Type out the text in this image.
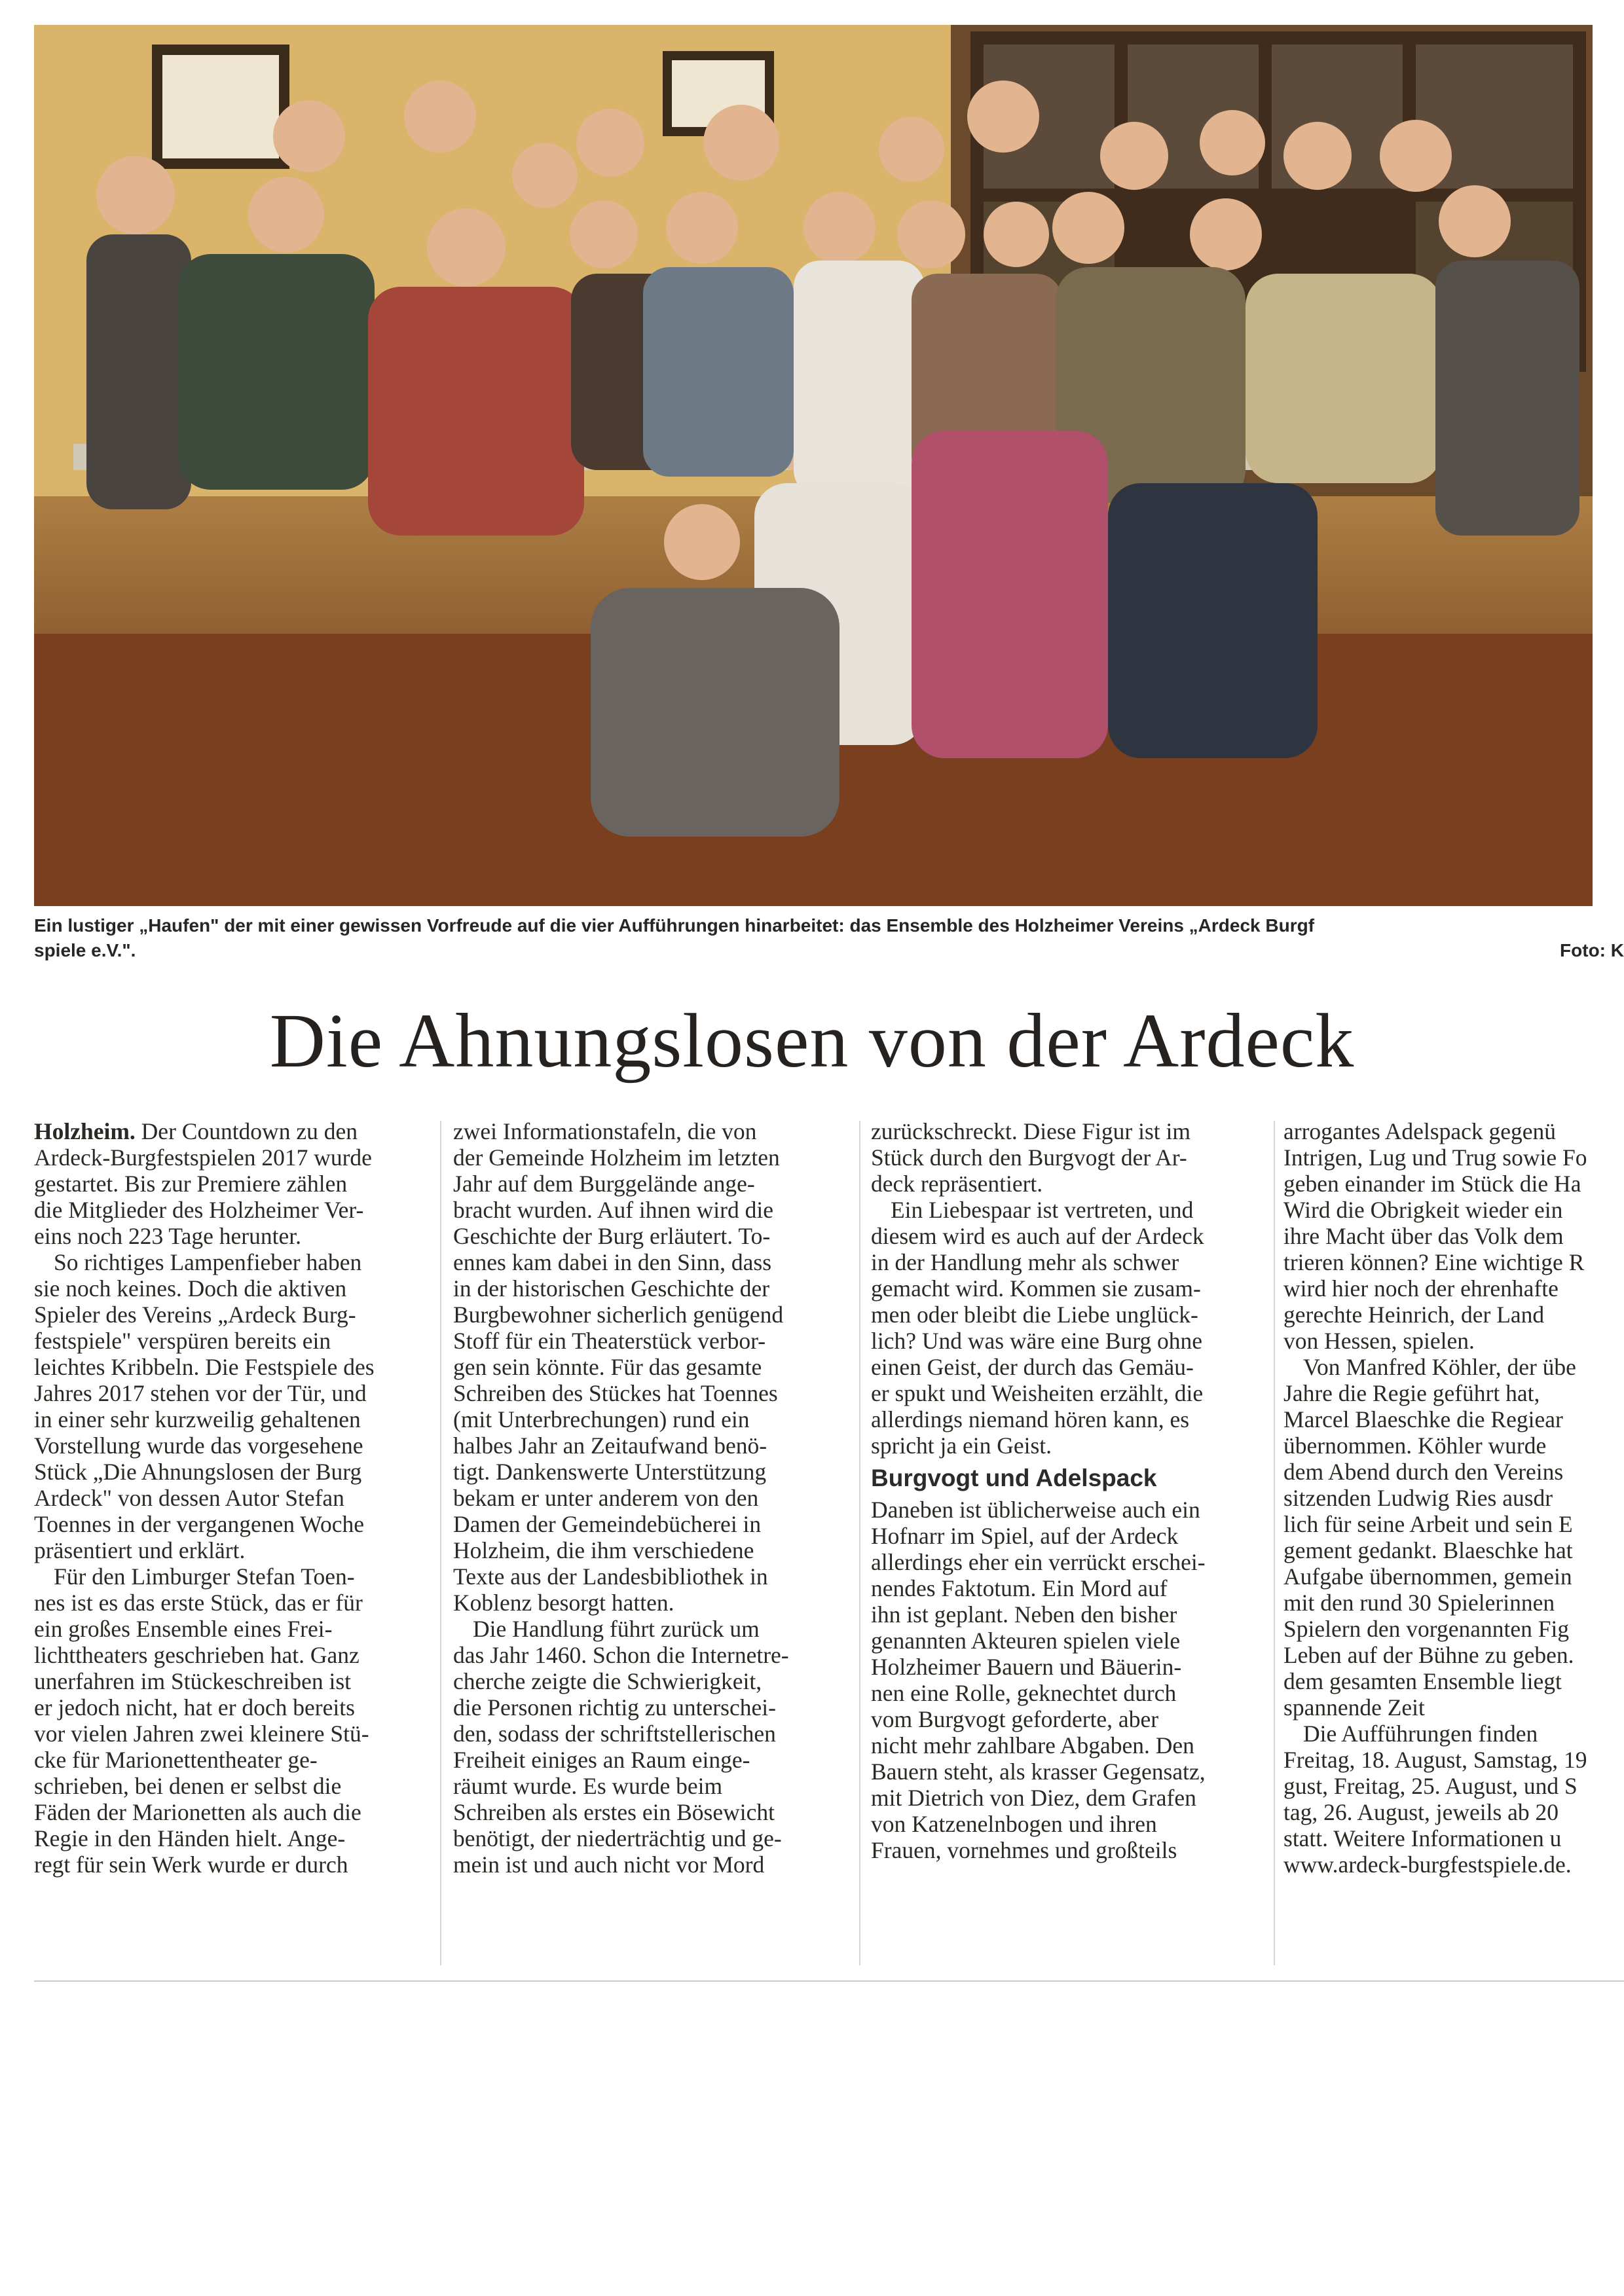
Ein lustiger „Haufen" der mit einer gewissen Vorfreude auf die vier Aufführungen hinarbeitet: das Ensemble des Holzheimer Vereins „Ardeck Burgf
spiele e.V.".	Foto: K
Die Ahnungslosen von der Ardeck

Holzheim. Der Countdown zu den

Ardeck-Burgfestspielen 2017 wurde

gestartet. Bis zur Premiere zählen

die Mitglieder des Holzheimer Ver-

eins noch 223 Tage herunter.

So richtiges Lampenfieber haben

sie noch keines. Doch die aktiven

Spieler des Vereins „Ardeck Burg-

festspiele" verspüren bereits ein

leichtes Kribbeln. Die Festspiele des

Jahres 2017 stehen vor der Tür, und

in einer sehr kurzweilig gehaltenen

Vorstellung wurde das vorgesehene

Stück „Die Ahnungslosen der Burg

Ardeck" von dessen Autor Stefan

Toennes in der vergangenen Woche

präsentiert und erklärt.

Für den Limburger Stefan Toen-

nes ist es das erste Stück, das er für

ein großes Ensemble eines Frei-

lichttheaters geschrieben hat. Ganz

unerfahren im Stückeschreiben ist

er jedoch nicht, hat er doch bereits

vor vielen Jahren zwei kleinere Stü-

cke für Marionettentheater ge-

schrieben, bei denen er selbst die

Fäden der Marionetten als auch die

Regie in den Händen hielt. Ange-

regt für sein Werk wurde er durch

zwei Informationstafeln, die von

der Gemeinde Holzheim im letzten

Jahr auf dem Burggelände ange-

bracht wurden. Auf ihnen wird die

Geschichte der Burg erläutert. To-

ennes kam dabei in den Sinn, dass

in der historischen Geschichte der

Burgbewohner sicherlich genügend

Stoff für ein Theaterstück verbor-

gen sein könnte. Für das gesamte

Schreiben des Stückes hat Toennes

(mit Unterbrechungen) rund ein

halbes Jahr an Zeitaufwand benö-

tigt. Dankenswerte Unterstützung

bekam er unter anderem von den

Damen der Gemeindebücherei in

Holzheim, die ihm verschiedene

Texte aus der Landesbibliothek in

Koblenz besorgt hatten.

Die Handlung führt zurück um

das Jahr 1460. Schon die Internetre-

cherche zeigte die Schwierigkeit,

die Personen richtig zu unterschei-

den, sodass der schriftstellerischen

Freiheit einiges an Raum einge-

räumt wurde. Es wurde beim

Schreiben als erstes ein Bösewicht

benötigt, der niederträchtig und ge-

mein ist und auch nicht vor Mord

zurückschreckt. Diese Figur ist im

Stück durch den Burgvogt der Ar-

deck repräsentiert.

Ein Liebespaar ist vertreten, und

diesem wird es auch auf der Ardeck

in der Handlung mehr als schwer

gemacht wird. Kommen sie zusam-

men oder bleibt die Liebe unglück-

lich? Und was wäre eine Burg ohne

einen Geist, der durch das Gemäu-

er spukt und Weisheiten erzählt, die

allerdings niemand hören kann, es

spricht ja ein Geist.

Burgvogt und Adelspack

Daneben ist üblicherweise auch ein

Hofnarr im Spiel, auf der Ardeck

allerdings eher ein verrückt erschei-

nendes Faktotum. Ein Mord auf

ihn ist geplant. Neben den bisher

genannten Akteuren spielen viele

Holzheimer Bauern und Bäuerin-

nen eine Rolle, geknechtet durch

vom Burgvogt geforderte, aber

nicht mehr zahlbare Abgaben. Den

Bauern steht, als krasser Gegensatz,

mit Dietrich von Diez, dem Grafen

von Katzenelnbogen und ihren

Frauen, vornehmes und großteils

arrogantes Adelspack gegenü

Intrigen, Lug und Trug sowie Fo

geben einander im Stück die Ha

Wird die Obrigkeit wieder ein

ihre Macht über das Volk dem

trieren können? Eine wichtige R

wird hier noch der ehrenhafte

gerechte Heinrich, der Land

von Hessen, spielen.

Von Manfred Köhler, der übe

Jahre die Regie geführt hat,

Marcel Blaeschke die Regiear

übernommen. Köhler wurde

dem Abend durch den Vereins

sitzenden Ludwig Ries ausdr

lich für seine Arbeit und sein E

gement gedankt. Blaeschke hat

Aufgabe übernommen, gemein

mit den rund 30 Spielerinnen

Spielern den vorgenannten Fig

Leben auf der Bühne zu geben.

dem gesamten Ensemble liegt

spannende Zeit

Die Aufführungen finden

Freitag, 18. August, Samstag, 19

gust, Freitag, 25. August, und S

tag, 26. August, jeweils ab 20

statt. Weitere Informationen u

www.ardeck-burgfestspiele.de.
